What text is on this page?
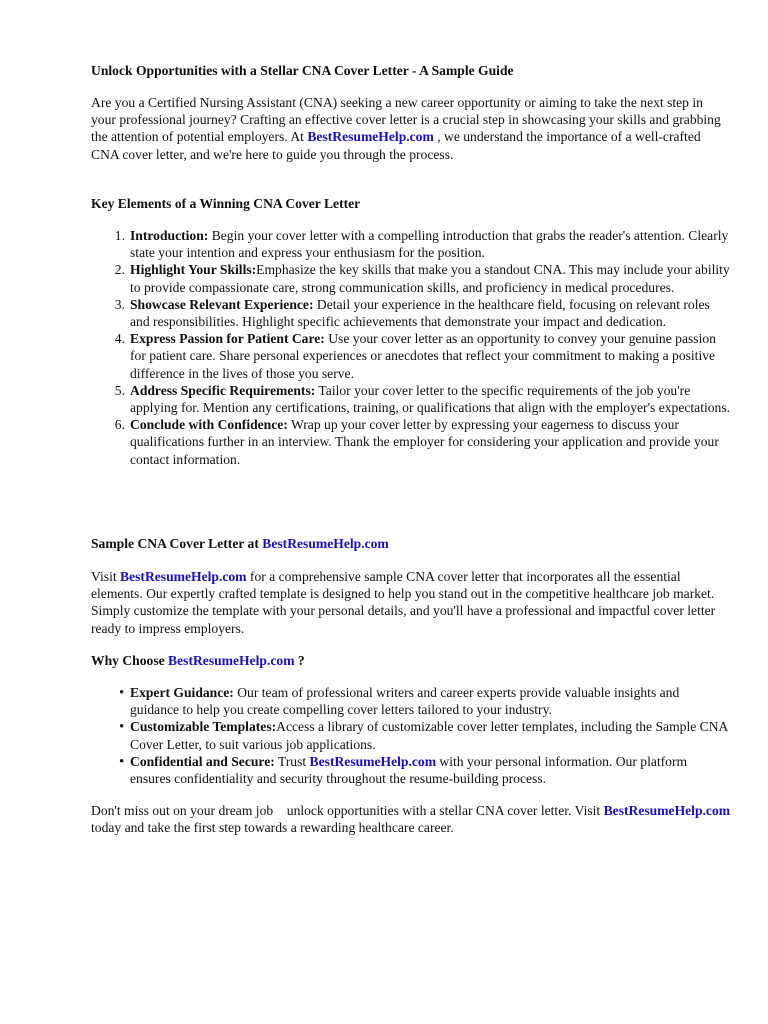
Unlock Opportunities with a Stellar CNA Cover Letter - A Sample Guide

Are you a Certified Nursing Assistant (CNA) seeking a new career opportunity or aiming to take the next step in your professional journey? Crafting an effective cover letter is a crucial step in showcasing your skills and grabbing the attention of potential employers. At BestResumeHelp.com , we understand the importance of a well-crafted CNA cover letter, and we're here to guide you through the process.

Key Elements of a Winning CNA Cover Letter
1. Introduction: Begin your cover letter with a compelling introduction that grabs the reader's attention. Clearly state your intention and express your enthusiasm for the position.
2. Highlight Your Skills:Emphasize the key skills that make you a standout CNA. This may include your ability to provide compassionate care, strong communication skills, and proficiency in medical procedures.
3. Showcase Relevant Experience: Detail your experience in the healthcare field, focusing on relevant roles and responsibilities. Highlight specific achievements that demonstrate your impact and dedication.
4. Express Passion for Patient Care: Use your cover letter as an opportunity to convey your genuine passion for patient care. Share personal experiences or anecdotes that reflect your commitment to making a positive difference in the lives of those you serve.
5. Address Specific Requirements: Tailor your cover letter to the specific requirements of the job you're applying for. Mention any certifications, training, or qualifications that align with the employer's expectations.
6. Conclude with Confidence: Wrap up your cover letter by expressing your eagerness to discuss your qualifications further in an interview. Thank the employer for considering your application and provide your contact information.
Sample CNA Cover Letter at BestResumeHelp.com

Visit BestResumeHelp.com for a comprehensive sample CNA cover letter that incorporates all the essential elements. Our expertly crafted template is designed to help you stand out in the competitive healthcare job market. Simply customize the template with your personal details, and you'll have a professional and impactful cover letter ready to impress employers.

Why Choose BestResumeHelp.com ?
• Expert Guidance: Our team of professional writers and career experts provide valuable insights and guidance to help you create compelling cover letters tailored to your industry.
• Customizable Templates:Access a library of customizable cover letter templates, including the Sample CNA Cover Letter, to suit various job applications.
• Confidential and Secure: Trust BestResumeHelp.com with your personal information. Our platform ensures confidentiality and security throughout the resume-building process.

Don't miss out on your dream job    unlock opportunities with a stellar CNA cover letter. Visit BestResumeHelp.com today and take the first step towards a rewarding healthcare career.
